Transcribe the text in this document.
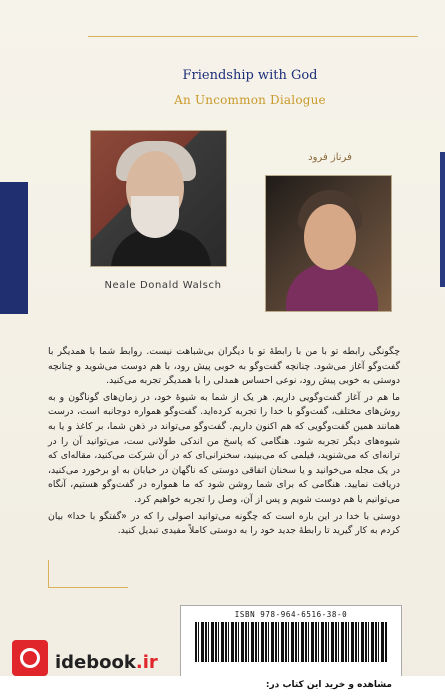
Friendship with God
An Uncommon Dialogue
فرناز فرود
Neale Donald Walsch

چگونگی رابطه تو با من با رابطهٔ تو با دیگران بی‌شباهت نیست. روابط شما با همدیگر با گفت‌وگو آغاز می‌شود. چنانچه گفت‌وگو به خوبی پیش رود، با هم دوست می‌شوید و چنانچه دوستی به خوبی پیش رود، نوعی احساس همدلی را با همدیگر تجربه می‌کنید.

ما هم در آغاز گفت‌وگویی داریم. هر یک از شما به شیوهٔ خود، در زمان‌های گوناگون و به روش‌های مختلف، گفت‌وگو با خدا را تجربه کرده‌اید. گفت‌وگو همواره دوجانبه است، درست همانند همین گفت‌وگویی که هم اکنون داریم. گفت‌وگو می‌تواند در ذهن شما، بر کاغذ و یا به شیوه‌های دیگر تجربه شود. هنگامی که پاسخ من اندکی طولانی ست، می‌توانید آن را در ترانه‌ای که می‌شنوید، فیلمی که می‌بینید، سخنرانی‌ای که در آن شرکت می‌کنید، مقاله‌ای که در یک مجله می‌خوانید و یا سخنان اتفاقی دوستی که ناگهان در خیابان به او برخورد می‌کنید، دریافت نمایید. هنگامی که برای شما روشن شود که ما همواره در گفت‌وگو هستیم، آنگاه می‌توانیم با هم دوست شویم و پس از آن، وصل را تجربه خواهیم کرد.

دوستی با خدا در این باره است که چگونه می‌توانید اصولی را که در «گفتگو با خدا» بیان کردم به کار گیرید تا رابطهٔ جدید خود را به دوستی کاملاً مفیدی تبدیل کنید.

ISBN 978-964-6516-38-0
idebook.ir
مشاهده و خرید این کتاب در:
